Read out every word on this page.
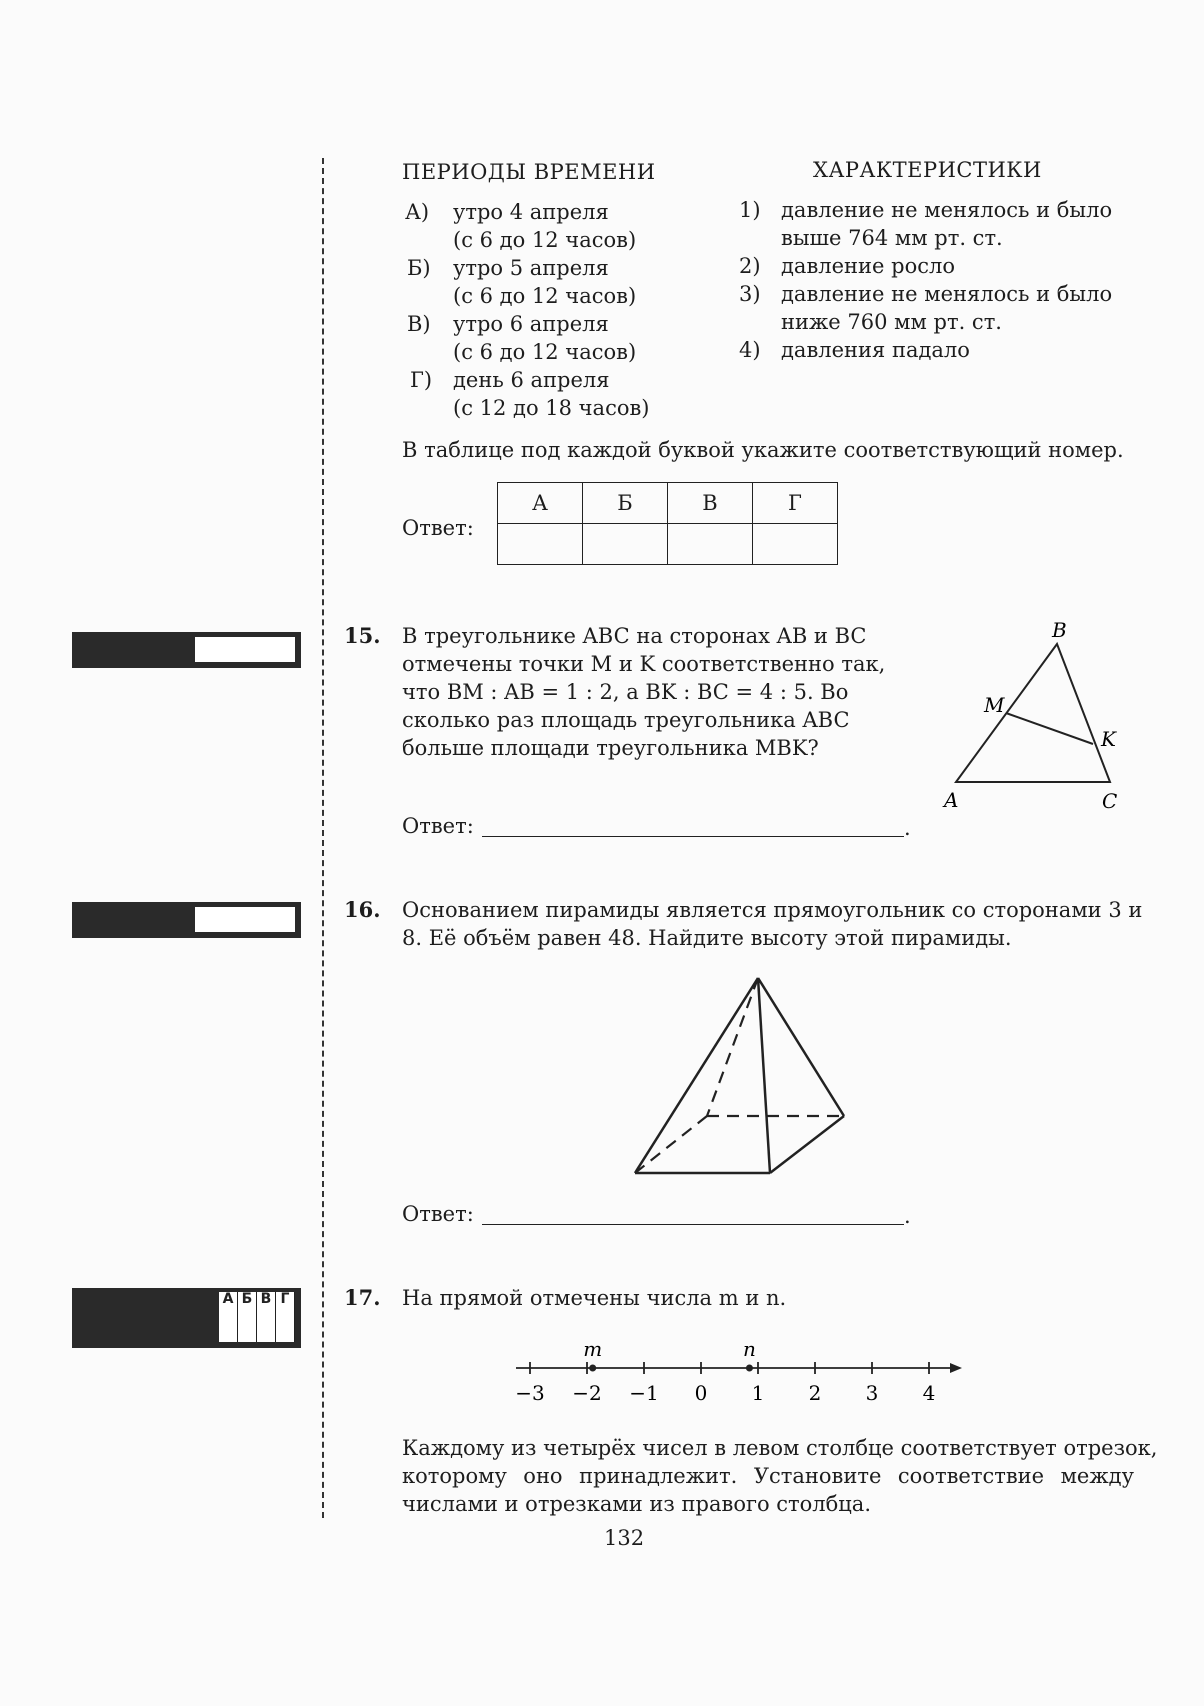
А Б В Г
ПЕРИОДЫ ВРЕМЕНИ	ХАРАКТЕРИСТИКИ
А) утро 4 апреля
(с 6 до 12 часов)
Б) утро 5 апреля
(с 6 до 12 часов)
В) утро 6 апреля
(с 6 до 12 часов)
Г) день 6 апреля
(с 12 до 18 часов)
1) давление не менялось и было
выше 764 мм рт. ст.
2) давление росло
3) давление не менялось и было
ниже 760 мм рт. ст.
4) давления падало
В таблице под каждой буквой укажите соответствующий номер.
Ответ:
А	Б	В	Г

15. В треугольнике ABC на сторонах AB и BC
отмечены точки M и K соответственно так,
что BM : AB = 1 : 2, а BK : BC = 4 : 5. Во
сколько раз площадь треугольника ABC
больше площади треугольника MBK?
B
M
K
A	C
Ответ:	.
16. Основанием пирамиды является прямоугольник со сторонами 3 и
8. Её объём равен 48. Найдите высоту этой пирамиды.
Ответ:	.
17. На прямой отмечены числа m и n.
−3 −2 −1 0 1 2 3 4
m	n
Каждому из четырёх чисел в левом столбце соответствует отрезок,
которому оно принадлежит. Установите соответствие между
числами и отрезками из правого столбца.
132
